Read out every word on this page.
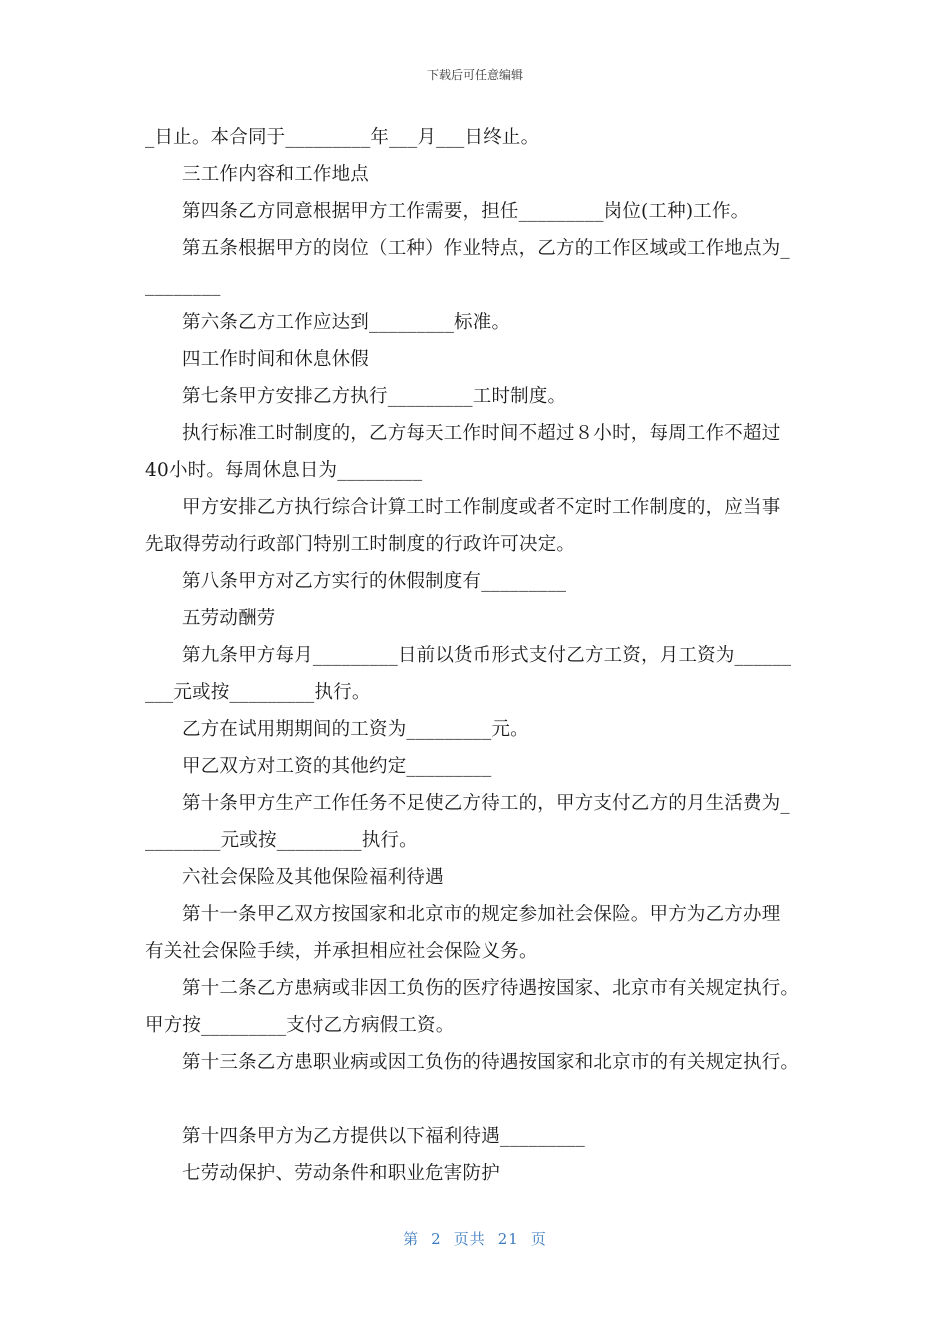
下载后可任意编辑
_日止。本合同于_________年___月___日终止。
三工作内容和工作地点
第四条乙方同意根据甲方工作需要，担任_________岗位(工种)工作。
第五条根据甲方的岗位（工种）作业特点，乙方的工作区域或工作地点为_
________
第六条乙方工作应达到_________标准。
四工作时间和休息休假
第七条甲方安排乙方执行_________工时制度。
执行标准工时制度的，乙方每天工作时间不超过８小时，每周工作不超过
40小时。每周休息日为_________
甲方安排乙方执行综合计算工时工作制度或者不定时工作制度的，应当事
先取得劳动行政部门特别工时制度的行政许可决定。
第八条甲方对乙方实行的休假制度有_________
五劳动酬劳
第九条甲方每月_________日前以货币形式支付乙方工资，月工资为______
___元或按_________执行。
乙方在试用期期间的工资为_________元。
甲乙双方对工资的其他约定_________
第十条甲方生产工作任务不足使乙方待工的，甲方支付乙方的月生活费为_
________元或按_________执行。
六社会保险及其他保险福利待遇
第十一条甲乙双方按国家和北京市的规定参加社会保险。甲方为乙方办理
有关社会保险手续，并承担相应社会保险义务。
第十二条乙方患病或非因工负伤的医疗待遇按国家、北京市有关规定执行。
甲方按_________支付乙方病假工资。
第十三条乙方患职业病或因工负伤的待遇按国家和北京市的有关规定执行。
第十四条甲方为乙方提供以下福利待遇_________
七劳动保护、劳动条件和职业危害防护
第 2 页共 21 页
